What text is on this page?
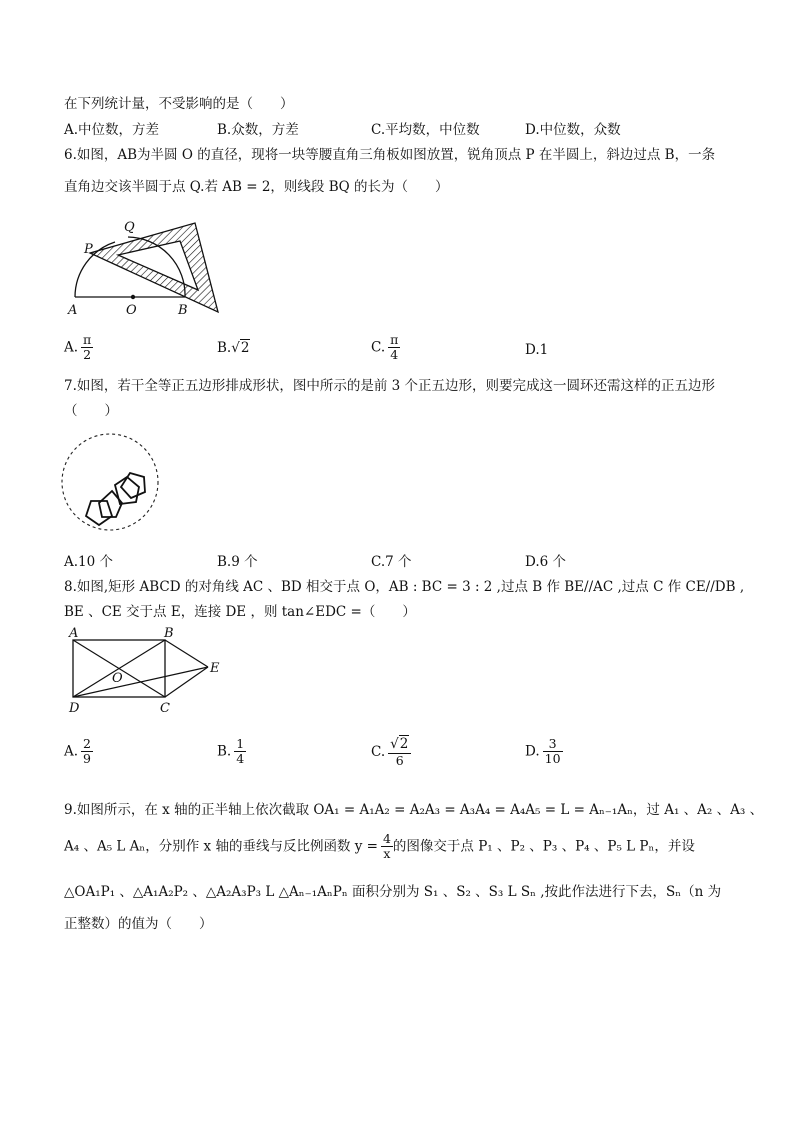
在下列统计量，不受影响的是（　　）
A.中位数，方差	B.众数，方差	C.平均数，中位数	D.中位数，众数
6.如图，AB为半圆 O 的直径，现将一块等腰直角三角板如图放置，锐角顶点 P 在半圆上，斜边过点 B，一条
直角边交该半圆于点 Q.若 AB = 2，则线段 BQ 的长为（　　）
P
Q
A	O	B
A. $\frac{\pi}{2}$	B.√2	C. $\frac{\pi}{4}$	D.1
7.如图，若干全等正五边形排成形状，图中所示的是前 3 个正五边形，则要完成这一圆环还需这样的正五边形
（　　）
A.10 个	B.9 个	C.7 个	D.6 个
8.如图,矩形 ABCD 的对角线 AC 、BD 相交于点 O，AB : BC = 3 : 2 ,过点 B 作 BE//AC ,过点 C 作 CE//DB ,
BE 、CE 交于点 E，连接 DE ，则 tan∠EDC =（　　）
A	B
C
D
O
E
A. $\frac{2}{9}$	B. $\frac{1}{4}$	C. $\frac{√2}{6}$	D. $\frac{3}{10}$
9.如图所示，在 x 轴的正半轴上依次截取 OA₁ = A₁A₂ = A₂A₃ = A₃A₄ = A₄A₅ = L = Aₙ₋₁Aₙ，过 A₁ 、A₂ 、A₃ 、
A₄ 、A₅ L Aₙ，分别作 x 轴的垂线与反比例函数 $y = \frac{4}{x}$ 的图像交于点 P₁ 、P₂ 、P₃ 、P₄ 、P₅ L Pₙ，并设
△OA₁P₁ 、△A₁A₂P₂ 、△A₂A₃P₃ L △Aₙ₋₁AₙPₙ 面积分别为 S₁ 、S₂ 、S₃ L Sₙ ,按此作法进行下去，Sₙ（n 为
正整数）的值为（　　）
